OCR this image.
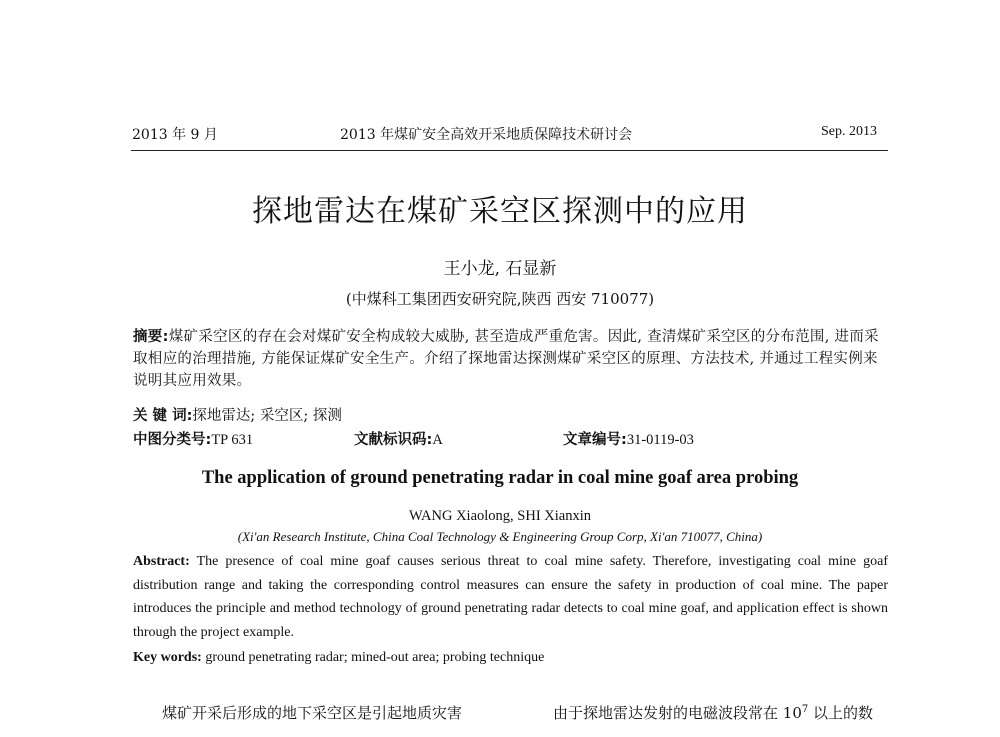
2013 年 9 月	2013 年煤矿安全高效开采地质保障技术研讨会	Sep. 2013
探地雷达在煤矿采空区探测中的应用
王小龙, 石显新
(中煤科工集团西安研究院,陕西 西安 710077)
摘要:煤矿采空区的存在会对煤矿安全构成较大威胁, 甚至造成严重危害。因此, 查清煤矿采空区的分布范围, 进而采取相应的治理措施, 方能保证煤矿安全生产。介绍了探地雷达探测煤矿采空区的原理、方法技术, 并通过工程实例来说明其应用效果。
关 键 词:探地雷达; 采空区; 探测
中图分类号:TP 631	文献标识码:A	文章编号:31-0119-03
The application of ground penetrating radar in coal mine goaf area probing
WANG Xiaolong, SHI Xianxin
(Xi'an Research Institute, China Coal Technology & Engineering Group Corp, Xi'an 710077, China)
Abstract: The presence of coal mine goaf causes serious threat to coal mine safety. Therefore, investigating coal mine goaf distribution range and taking the corresponding control measures can ensure the safety in production of coal mine. The paper introduces the principle and method technology of ground penetrating radar detects to coal mine goaf, and application effect is shown through the project example.
Key words: ground penetrating radar; mined-out area; probing technique
煤矿开采后形成的地下采空区是引起地质灾害	由于探地雷达发射的电磁波段常在 $10^7$ 以上的数
